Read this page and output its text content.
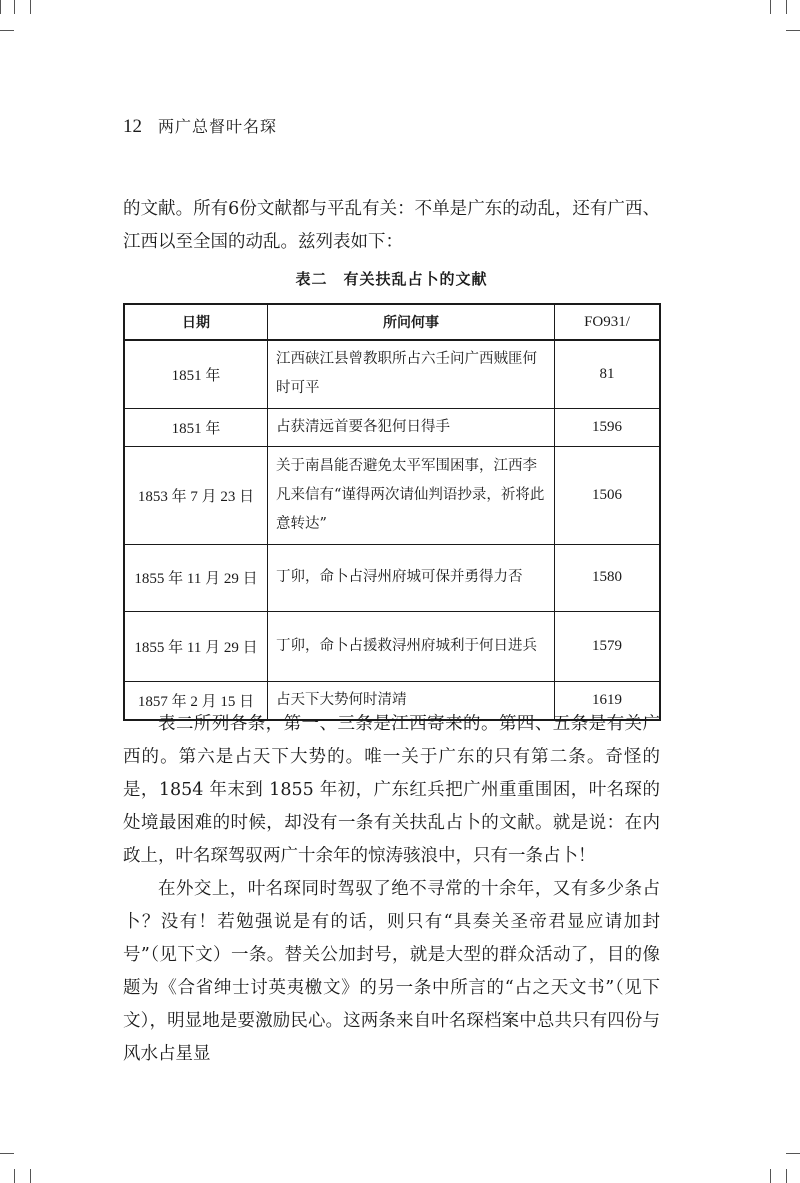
12 两广总督叶名琛

的文献。所有6份文献都与平乱有关：不单是广东的动乱，还有广西、江西以至全国的动乱。兹列表如下：

表二　有关扶乱占卜的文献
日期	所问何事	FO931/
1851 年	江西硖江县曾教职所占六壬问广西贼匪何时可平	81
1851 年	占获清远首要各犯何日得手	1596
1853 年 7 月 23 日	关于南昌能否避免太平军围困事，江西李凡来信有“谨得两次请仙判语抄录，祈将此意转达”	1506
1855 年 11 月 29 日	丁卯，命卜占浔州府城可保并勇得力否	1580
1855 年 11 月 29 日	丁卯，命卜占援救浔州府城利于何日进兵	1579
1857 年 2 月 15 日	占天下大势何时清靖	1619

表二所列各条，第一、三条是江西寄来的。第四、五条是有关广西的。第六是占天下大势的。唯一关于广东的只有第二条。奇怪的是，1854 年末到 1855 年初，广东红兵把广州重重围困，叶名琛的处境最困难的时候，却没有一条有关扶乱占卜的文献。就是说：在内政上，叶名琛驾驭两广十余年的惊涛骇浪中，只有一条占卜！

在外交上，叶名琛同时驾驭了绝不寻常的十余年，又有多少条占卜？没有！若勉强说是有的话，则只有“具奏关圣帝君显应请加封号”（见下文）一条。替关公加封号，就是大型的群众活动了，目的像题为《合省绅士讨英夷檄文》的另一条中所言的“占之天文书”（见下文），明显地是要激励民心。这两条来自叶名琛档案中总共只有四份与风水占星显
